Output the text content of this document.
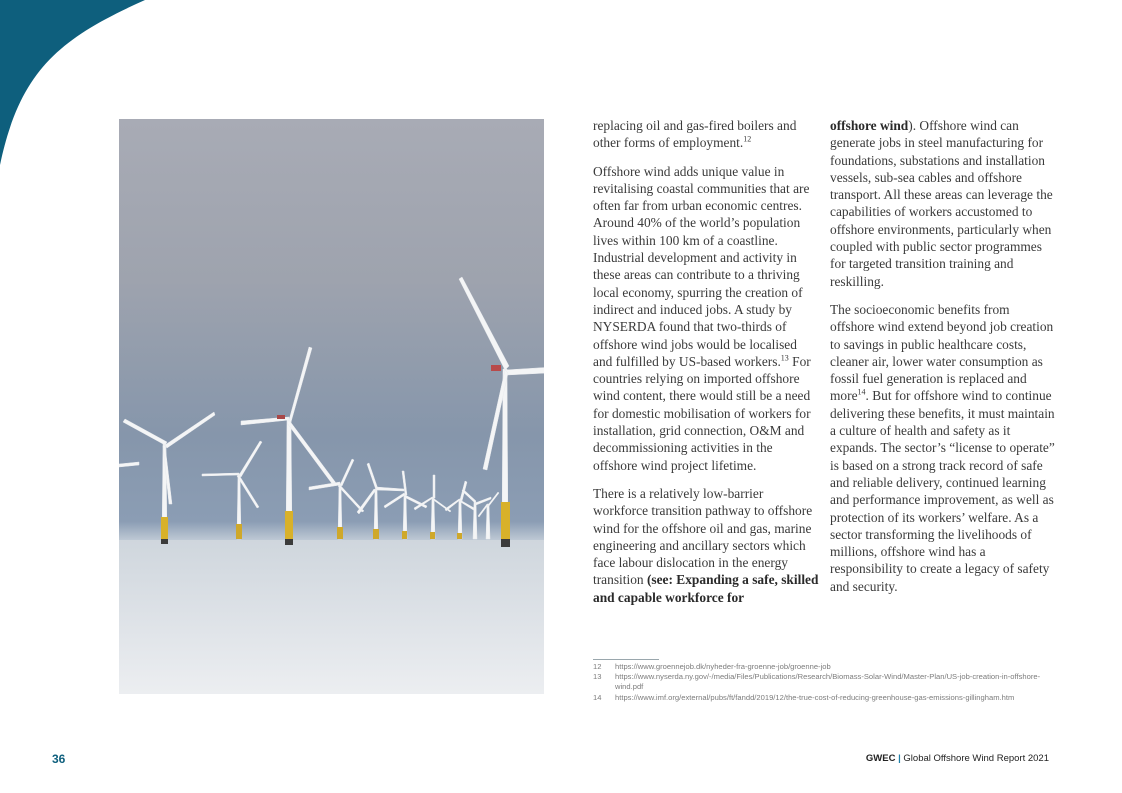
replacing oil and gas-fired boilers and other forms of employment.$^{12}$

Offshore wind adds unique value in revitalising coastal communities that are often far from urban economic centres. Around 40% of the world’s population lives within 100 km of a coastline. Industrial development and activity in these areas can contribute to a thriving local economy, spurring the creation of indirect and induced jobs. A study by NYSERDA found that two-thirds of offshore wind jobs would be localised and fulfilled by US-based workers.$^{13}$ For countries relying on imported offshore wind content, there would still be a need for domestic mobilisation of workers for installation, grid connection, O&M and decommissioning activities in the offshore wind project lifetime.

There is a relatively low-barrier workforce transition pathway to offshore wind for the offshore oil and gas, marine engineering and ancillary sectors which face labour dislocation in the energy transition (see: Expanding a safe, skilled and capable workforce for

offshore wind). Offshore wind can generate jobs in steel manufacturing for foundations, substations and installation vessels, sub-sea cables and offshore transport. All these areas can leverage the capabilities of workers accustomed to offshore environments, particularly when coupled with public sector programmes for targeted transition training and reskilling.

The socioeconomic benefits from offshore wind extend beyond job creation to savings in public healthcare costs, cleaner air, lower water consumption as fossil fuel generation is replaced and more$^{14}$. But for offshore wind to continue delivering these benefits, it must maintain a culture of health and safety as it expands. The sector’s “license to operate” is based on a strong track record of safe and reliable delivery, continued learning and performance improvement, as well as protection of its workers’ welfare. As a sector transforming the livelihoods of millions, offshore wind has a responsibility to create a legacy of safety and security.

12	https://www.groennejob.dk/nyheder-fra-groenne-job/groenne-job
13	https://www.nyserda.ny.gov/-/media/Files/Publications/Research/Biomass-Solar-Wind/Master-Plan/US-job-creation-in-offshore-wind.pdf
14	https://www.imf.org/external/pubs/ft/fandd/2019/12/the-true-cost-of-reducing-greenhouse-gas-emissions-gillingham.htm
36	GWEC | Global Offshore Wind Report 2021
